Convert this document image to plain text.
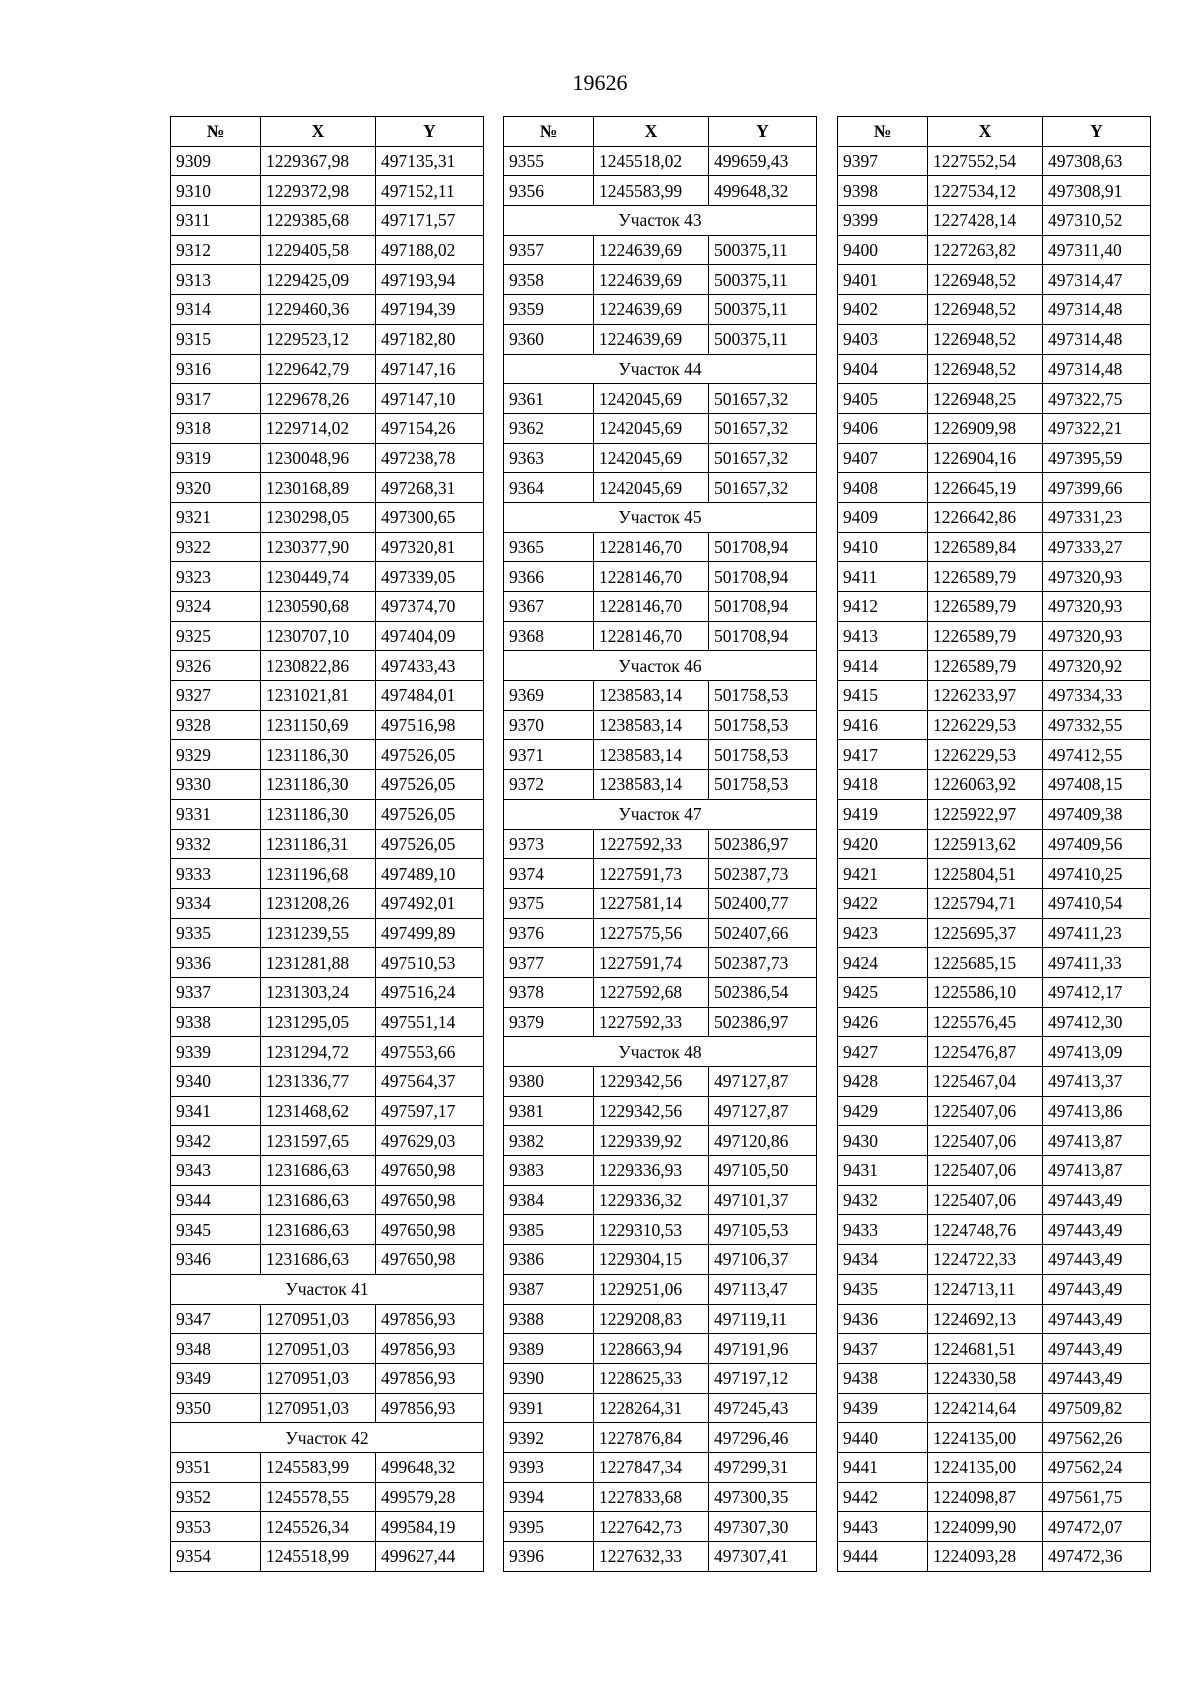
19626
№	X	Y
9309	1229367,98	497135,31
9310	1229372,98	497152,11
9311	1229385,68	497171,57
9312	1229405,58	497188,02
9313	1229425,09	497193,94
9314	1229460,36	497194,39
9315	1229523,12	497182,80
9316	1229642,79	497147,16
9317	1229678,26	497147,10
9318	1229714,02	497154,26
9319	1230048,96	497238,78
9320	1230168,89	497268,31
9321	1230298,05	497300,65
9322	1230377,90	497320,81
9323	1230449,74	497339,05
9324	1230590,68	497374,70
9325	1230707,10	497404,09
9326	1230822,86	497433,43
9327	1231021,81	497484,01
9328	1231150,69	497516,98
9329	1231186,30	497526,05
9330	1231186,30	497526,05
9331	1231186,30	497526,05
9332	1231186,31	497526,05
9333	1231196,68	497489,10
9334	1231208,26	497492,01
9335	1231239,55	497499,89
9336	1231281,88	497510,53
9337	1231303,24	497516,24
9338	1231295,05	497551,14
9339	1231294,72	497553,66
9340	1231336,77	497564,37
9341	1231468,62	497597,17
9342	1231597,65	497629,03
9343	1231686,63	497650,98
9344	1231686,63	497650,98
9345	1231686,63	497650,98
9346	1231686,63	497650,98
Участок 41		
9347	1270951,03	497856,93
9348	1270951,03	497856,93
9349	1270951,03	497856,93
9350	1270951,03	497856,93
Участок 42		
9351	1245583,99	499648,32
9352	1245578,55	499579,28
9353	1245526,34	499584,19
9354	1245518,99	499627,44
№	X	Y
9355	1245518,02	499659,43
9356	1245583,99	499648,32
Участок 43		
9357	1224639,69	500375,11
9358	1224639,69	500375,11
9359	1224639,69	500375,11
9360	1224639,69	500375,11
Участок 44		
9361	1242045,69	501657,32
9362	1242045,69	501657,32
9363	1242045,69	501657,32
9364	1242045,69	501657,32
Участок 45		
9365	1228146,70	501708,94
9366	1228146,70	501708,94
9367	1228146,70	501708,94
9368	1228146,70	501708,94
Участок 46		
9369	1238583,14	501758,53
9370	1238583,14	501758,53
9371	1238583,14	501758,53
9372	1238583,14	501758,53
Участок 47		
9373	1227592,33	502386,97
9374	1227591,73	502387,73
9375	1227581,14	502400,77
9376	1227575,56	502407,66
9377	1227591,74	502387,73
9378	1227592,68	502386,54
9379	1227592,33	502386,97
Участок 48		
9380	1229342,56	497127,87
9381	1229342,56	497127,87
9382	1229339,92	497120,86
9383	1229336,93	497105,50
9384	1229336,32	497101,37
9385	1229310,53	497105,53
9386	1229304,15	497106,37
9387	1229251,06	497113,47
9388	1229208,83	497119,11
9389	1228663,94	497191,96
9390	1228625,33	497197,12
9391	1228264,31	497245,43
9392	1227876,84	497296,46
9393	1227847,34	497299,31
9394	1227833,68	497300,35
9395	1227642,73	497307,30
9396	1227632,33	497307,41
№	X	Y
9397	1227552,54	497308,63
9398	1227534,12	497308,91
9399	1227428,14	497310,52
9400	1227263,82	497311,40
9401	1226948,52	497314,47
9402	1226948,52	497314,48
9403	1226948,52	497314,48
9404	1226948,52	497314,48
9405	1226948,25	497322,75
9406	1226909,98	497322,21
9407	1226904,16	497395,59
9408	1226645,19	497399,66
9409	1226642,86	497331,23
9410	1226589,84	497333,27
9411	1226589,79	497320,93
9412	1226589,79	497320,93
9413	1226589,79	497320,93
9414	1226589,79	497320,92
9415	1226233,97	497334,33
9416	1226229,53	497332,55
9417	1226229,53	497412,55
9418	1226063,92	497408,15
9419	1225922,97	497409,38
9420	1225913,62	497409,56
9421	1225804,51	497410,25
9422	1225794,71	497410,54
9423	1225695,37	497411,23
9424	1225685,15	497411,33
9425	1225586,10	497412,17
9426	1225576,45	497412,30
9427	1225476,87	497413,09
9428	1225467,04	497413,37
9429	1225407,06	497413,86
9430	1225407,06	497413,87
9431	1225407,06	497413,87
9432	1225407,06	497443,49
9433	1224748,76	497443,49
9434	1224722,33	497443,49
9435	1224713,11	497443,49
9436	1224692,13	497443,49
9437	1224681,51	497443,49
9438	1224330,58	497443,49
9439	1224214,64	497509,82
9440	1224135,00	497562,26
9441	1224135,00	497562,24
9442	1224098,87	497561,75
9443	1224099,90	497472,07
9444	1224093,28	497472,36
